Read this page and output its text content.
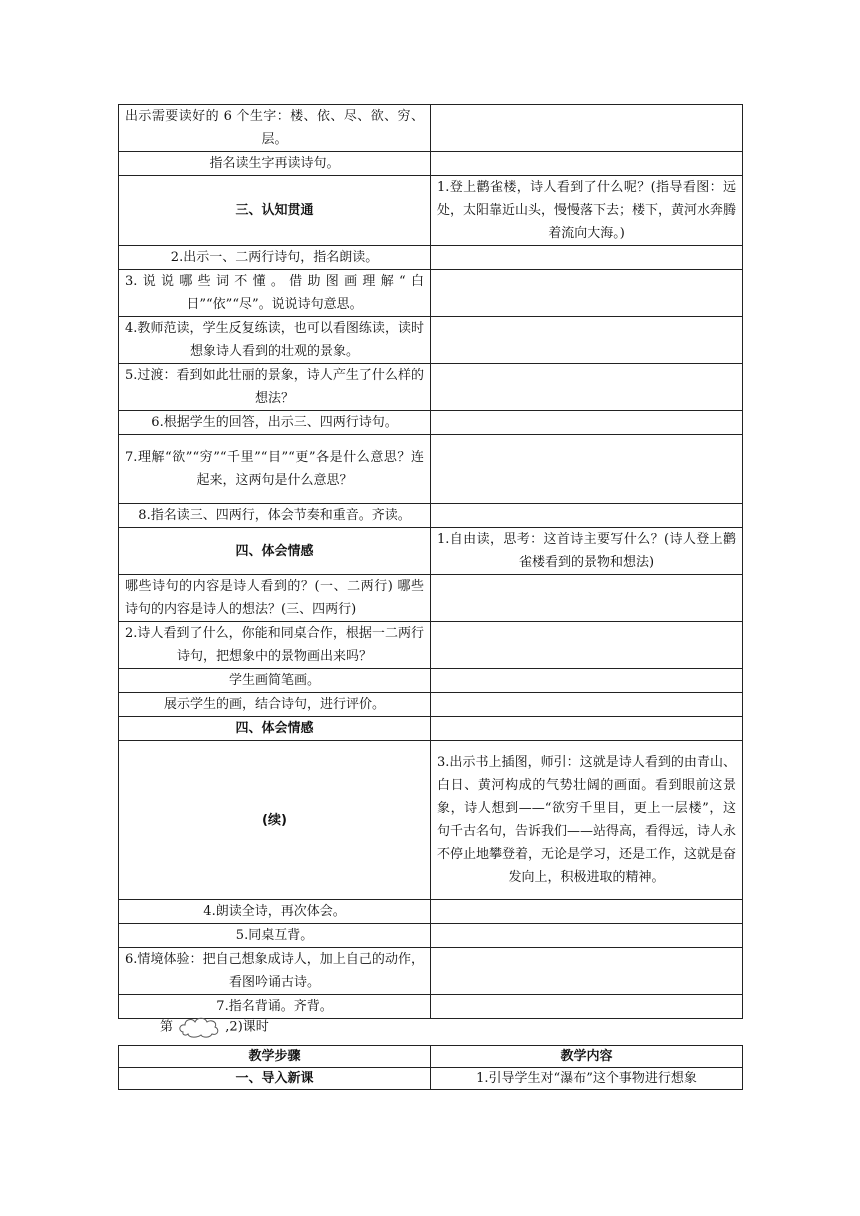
出示需要读好的 6 个生字：楼、依、尽、欲、穷、层。	
指名读生字再读诗句。	
三、认知贯通	1.登上鹳雀楼，诗人看到了什么呢？(指导看图：远处，太阳靠近山头，慢慢落下去；楼下，黄河水奔腾着流向大海。)
2.出示一、二两行诗句，指名朗读。	
3.说说哪些词不懂。借助图画理解“白日”“依”“尽”。说说诗句意思。	
4.教师范读，学生反复练读，也可以看图练读，读时想象诗人看到的壮观的景象。	
5.过渡：看到如此壮丽的景象，诗人产生了什么样的想法？	
6.根据学生的回答，出示三、四两行诗句。	
7.理解“欲”“穷”“千里”“目”“更”各是什么意思？连起来，这两句是什么意思？	
8.指名读三、四两行，体会节奏和重音。齐读。	
四、体会情感	1.自由读，思考：这首诗主要写什么？(诗人登上鹳雀楼看到的景物和想法)
哪些诗句的内容是诗人看到的？(一、二两行) 哪些诗句的内容是诗人的想法？(三、四两行)	
2.诗人看到了什么，你能和同桌合作，根据一二两行诗句，把想象中的景物画出来吗？	
学生画简笔画。	
展示学生的画，结合诗句，进行评价。	
四、体会情感	
(续)	3.出示书上插图，师引：这就是诗人看到的由青山、白日、黄河构成的气势壮阔的画面。看到眼前这景象，诗人想到——“欲穷千里目，更上一层楼”，这句千古名句，告诉我们——站得高，看得远，诗人永不停止地攀登着，无论是学习，还是工作，这就是奋发向上，积极进取的精神。
4.朗读全诗，再次体会。	
5.同桌互背。	
6.情境体验：把自己想象成诗人，加上自己的动作，看图吟诵古诗。	
7.指名背诵。齐背。	
第	,2)课时
教学步骤	教学内容
一、导入新课	1.引导学生对“瀑布”这个事物进行想象
